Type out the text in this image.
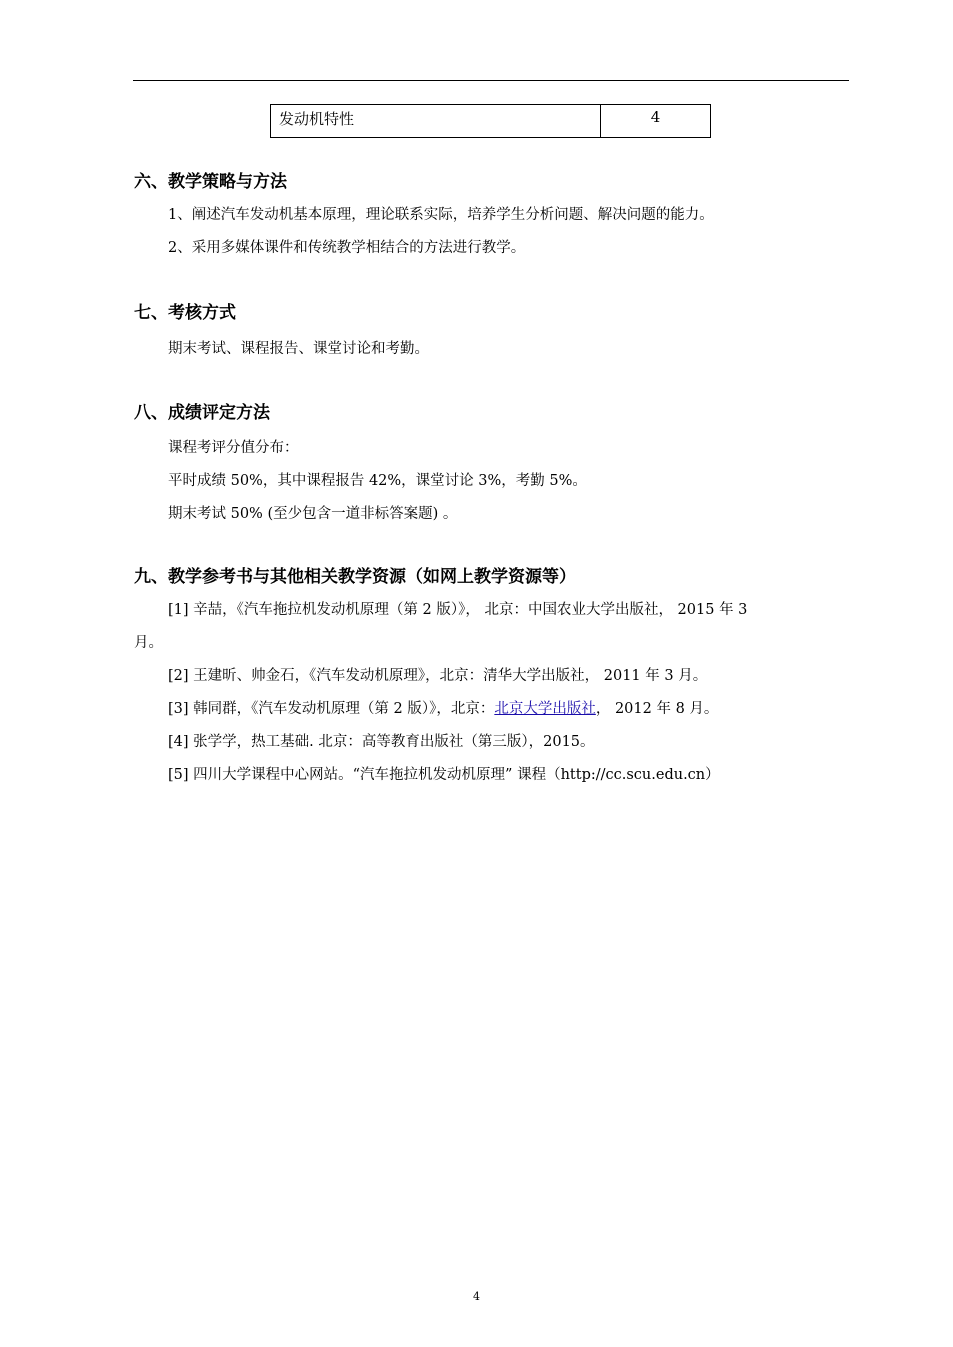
发动机特性	4
六、教学策略与方法
1、阐述汽车发动机基本原理，理论联系实际，培养学生分析问题、解决问题的能力。
2、采用多媒体课件和传统教学相结合的方法进行教学。
七、考核方式
期末考试、课程报告、课堂讨论和考勤。
八、成绩评定方法
课程考评分值分布：
平时成绩 50%，其中课程报告 42%，课堂讨论 3%，考勤 5%。
期末考试 50% (至少包含一道非标答案题) 。
九、教学参考书与其他相关教学资源（如网上教学资源等）
[1] 辛喆，《汽车拖拉机发动机原理（第 2 版）》， 北京：中国农业大学出版社， 2015 年 3
月。
[2] 王建昕、帅金石，《汽车发动机原理》，北京：清华大学出版社， 2011 年 3 月。
[3] 韩同群，《汽车发动机原理（第 2 版）》，北京：北京大学出版社， 2012 年 8 月。
[4] 张学学，热工基础. 北京：高等教育出版社（第三版），2015。
[5] 四川大学课程中心网站。“汽车拖拉机发动机原理” 课程（http://cc.scu.edu.cn）
4
